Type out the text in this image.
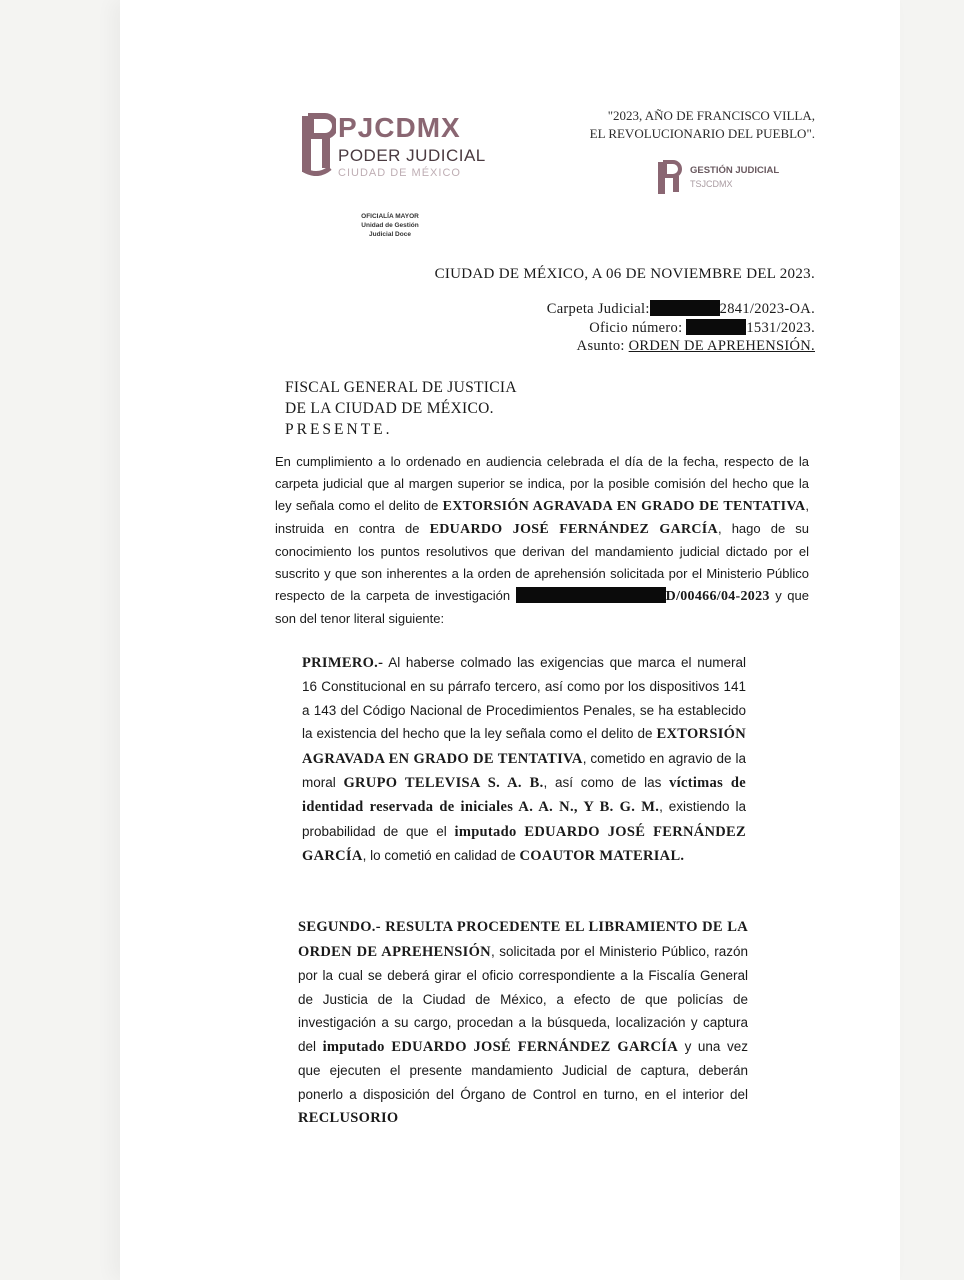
PJCDMX
PODER JUDICIAL
CIUDAD DE MÉXICO
OFICIALÍA MAYOR
Unidad de Gestión
Judicial Doce
"2023, AÑO DE FRANCISCO VILLA,
EL REVOLUCIONARIO DEL PUEBLO".
GESTIÓN JUDICIAL
TSJCDMX
CIUDAD DE MÉXICO, A 06 DE NOVIEMBRE DEL 2023.
Carpeta Judicial:	2841/2023-OA.
Oficio número:	1531/2023.
Asunto: ORDEN DE APREHENSIÓN.
FISCAL GENERAL DE JUSTICIA
DE LA CIUDAD DE MÉXICO.
PRESENTE.
En cumplimiento a lo ordenado en audiencia celebrada el día de la fecha, respecto de la carpeta judicial que al margen superior se indica, por la posible comisión del hecho que la ley señala como el delito de EXTORSIÓN AGRAVADA EN GRADO DE TENTATIVA, instruida en contra de EDUARDO JOSÉ FERNÁNDEZ GARCÍA, hago de su conocimiento los puntos resolutivos que derivan del mandamiento judicial dictado por el suscrito y que son inherentes a la orden de aprehensión solicitada por el Ministerio Público respecto de la carpeta de investigación	D/00466/04-2023 y que son del tenor literal siguiente:
PRIMERO.- Al haberse colmado las exigencias que marca el numeral 16 Constitucional en su párrafo tercero, así como por los dispositivos 141 a 143 del Código Nacional de Procedimientos Penales, se ha establecido la existencia del hecho que la ley señala como el delito de EXTORSIÓN AGRAVADA EN GRADO DE TENTATIVA, cometido en agravio de la moral GRUPO TELEVISA S. A. B., así como de las víctimas de identidad reservada de iniciales A. A. N., Y B. G. M., existiendo la probabilidad de que el imputado EDUARDO JOSÉ FERNÁNDEZ GARCÍA, lo cometió en calidad de COAUTOR MATERIAL.
SEGUNDO.- RESULTA PROCEDENTE EL LIBRAMIENTO DE LA ORDEN DE APREHENSIÓN, solicitada por el Ministerio Público, razón por la cual se deberá girar el oficio correspondiente a la Fiscalía General de Justicia de la Ciudad de México, a efecto de que policías de investigación a su cargo, procedan a la búsqueda, localización y captura del imputado EDUARDO JOSÉ FERNÁNDEZ GARCÍA y una vez que ejecuten el presente mandamiento Judicial de captura, deberán ponerlo a disposición del Órgano de Control en turno, en el interior del RECLUSORIO
